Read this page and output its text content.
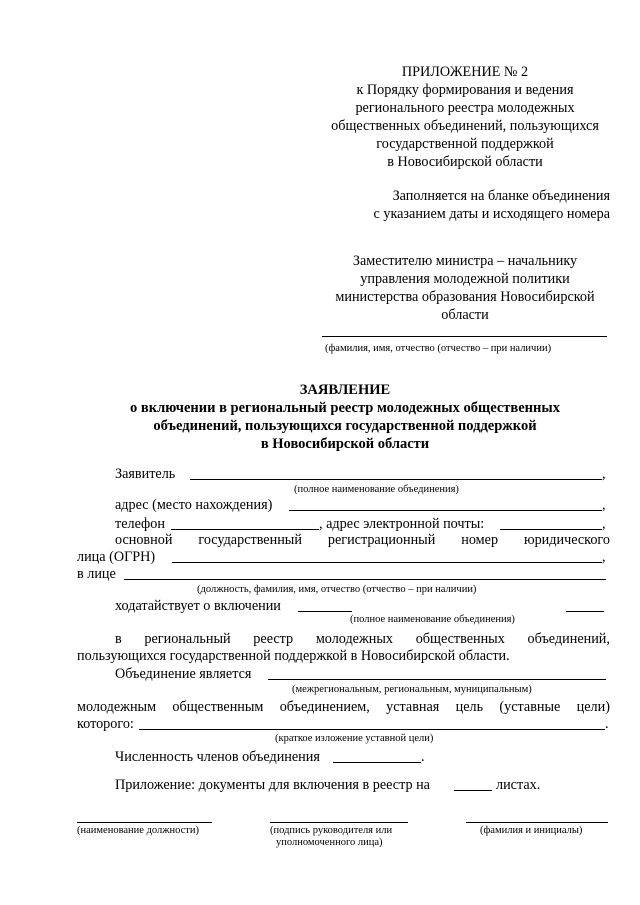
ПРИЛОЖЕНИЕ № 2
к Порядку формирования и ведения
регионального реестра молодежных
общественных объединений, пользующихся
государственной поддержкой
в Новосибирской области
Заполняется на бланке объединения
с указанием даты и исходящего номера
Заместителю министра – начальнику
управления молодежной политики
министерства образования Новосибирской
области
(фамилия, имя, отчество (отчество – при наличии)
ЗАЯВЛЕНИЕ
о включении в региональный реестр молодежных общественных
объединений, пользующихся государственной поддержкой
в Новосибирской области
Заявитель	,
(полное наименование объединения)
адрес (место нахождения)	,
телефон	, адрес электронной почты:	,
основной государственный регистрационный номер юридического
лица (ОГРН)	,
в лице
(должность, фамилия, имя, отчество (отчество – при наличии)
ходатайствует о включении
(полное наименование объединения)
в региональный реестр молодежных общественных объединений,
пользующихся государственной поддержкой в Новосибирской области.
Объединение является
(межрегиональным, региональным, муниципальным)
молодежным общественным объединением, уставная цель (уставные цели)
которого:	.
(краткое изложение уставной цели)
Численность членов объединения	.
Приложение: документы для включения в реестр на	листах.
(наименование должности)	(подпись руководителя или
уполномоченного лица)
(фамилия и инициалы)
